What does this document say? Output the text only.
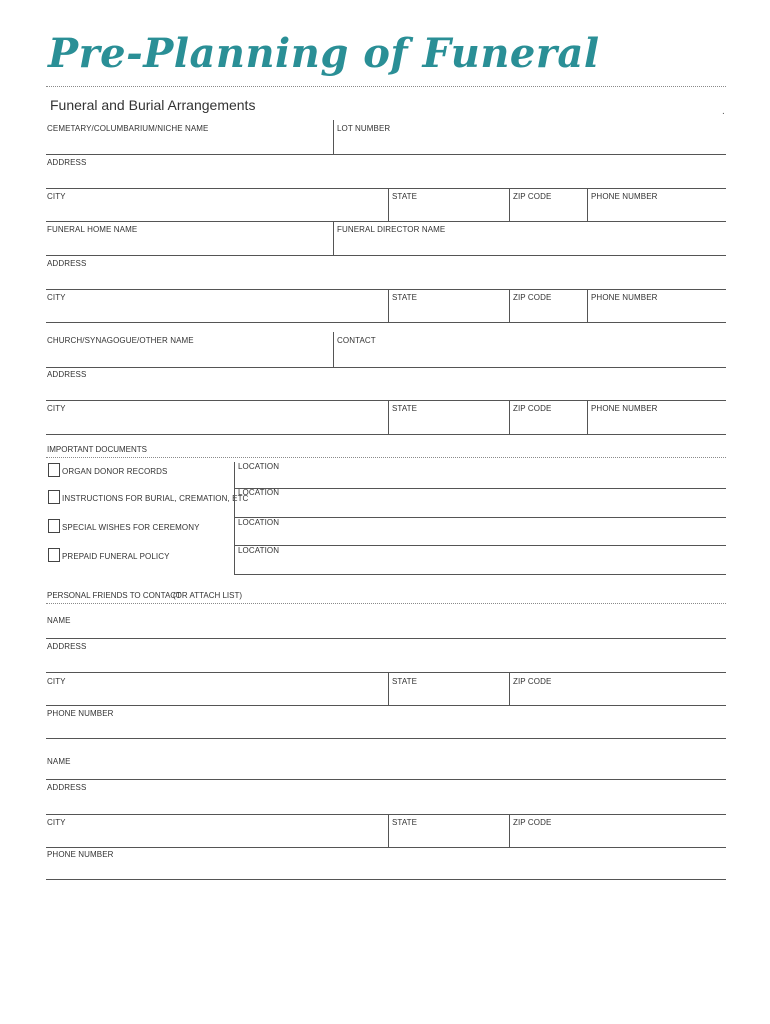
Pre-Planning of Funeral
Funeral and Burial Arrangements	.
CEMETARY/COLUMBARIUM/NICHE NAME	LOT NUMBER
ADDRESS
CITY	STATE	ZIP CODE	PHONE NUMBER
FUNERAL HOME NAME	FUNERAL DIRECTOR NAME
ADDRESS
CITY	STATE	ZIP CODE	PHONE NUMBER
CHURCH/SYNAGOGUE/OTHER NAME	CONTACT
ADDRESS
CITY	STATE	ZIP CODE	PHONE NUMBER
IMPORTANT DOCUMENTS
ORGAN DONOR RECORDS
LOCATION
INSTRUCTIONS FOR BURIAL, CREMATION, ETC
LOCATION
SPECIAL WISHES FOR CEREMONY
LOCATION
PREPAID FUNERAL POLICY
LOCATION
PERSONAL FRIENDS TO CONTACT
(OR ATTACH LIST)
NAME
ADDRESS
CITY	STATE	ZIP CODE
PHONE NUMBER
NAME
ADDRESS
CITY	STATE	ZIP CODE
PHONE NUMBER
